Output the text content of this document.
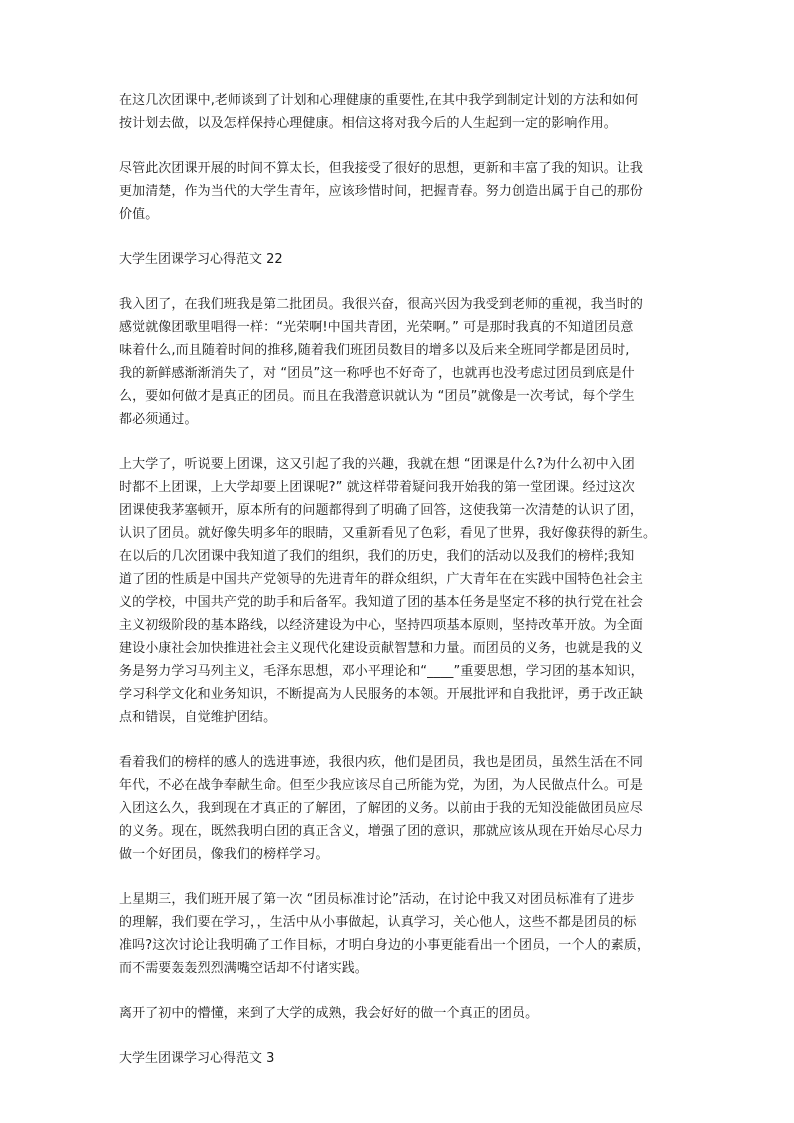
在这几次团课中,老师谈到了计划和心理健康的重要性,在其中我学到制定计划的方法和如何
按计划去做，以及怎样保持心理健康。相信这将对我今后的人生起到一定的影响作用。
尽管此次团课开展的时间不算太长，但我接受了很好的思想，更新和丰富了我的知识。让我
更加清楚，作为当代的大学生青年，应该珍惜时间，把握青春。努力创造出属于自己的那份
价值。
大学生团课学习心得范文 22
我入团了，在我们班我是第二批团员。我很兴奋，很高兴因为我受到老师的重视，我当时的
感觉就像团歌里唱得一样：“光荣啊!中国共青团，光荣啊。” 可是那时我真的不知道团员意
味着什么,而且随着时间的推移,随着我们班团员数目的增多以及后来全班同学都是团员时,
我的新鲜感渐渐消失了，对 “团员”这一称呼也不好奇了，也就再也没考虑过团员到底是什
么，要如何做才是真正的团员。而且在我潜意识就认为 “团员”就像是一次考试，每个学生
都必须通过。
上大学了，听说要上团课，这又引起了我的兴趣，我就在想 “团课是什么?为什么初中入团
时都不上团课，上大学却要上团课呢?” 就这样带着疑问我开始我的第一堂团课。经过这次
团课使我茅塞顿开，原本所有的问题都得到了明确了回答，这使我第一次清楚的认识了团，
认识了团员。就好像失明多年的眼睛，又重新看见了色彩，看见了世界，我好像获得的新生。
在以后的几次团课中我知道了我们的组织，我们的历史，我们的活动以及我们的榜样;我知
道了团的性质是中国共产党领导的先进青年的群众组织，广大青年在在实践中国特色社会主
义的学校，中国共产党的助手和后备军。我知道了团的基本任务是坚定不移的执行党在社会
主义初级阶段的基本路线，以经济建设为中心，坚持四项基本原则，坚持改革开放。为全面
建设小康社会加快推进社会主义现代化建设贡献智慧和力量。而团员的义务，也就是我的义
务是努力学习马列主义，毛泽东思想，邓小平理论和“____”重要思想，学习团的基本知识，
学习科学文化和业务知识，不断提高为人民服务的本领。开展批评和自我批评，勇于改正缺
点和错误，自觉维护团结。
看着我们的榜样的感人的选进事迹，我很内疚，他们是团员，我也是团员，虽然生活在不同
年代，不必在战争奉献生命。但至少我应该尽自己所能为党，为团，为人民做点什么。可是
入团这么久，我到现在才真正的了解团，了解团的义务。以前由于我的无知没能做团员应尽
的义务。现在，既然我明白团的真正含义，增强了团的意识，那就应该从现在开始尽心尽力
做一个好团员，像我们的榜样学习。
上星期三，我们班开展了第一次 “团员标准讨论”活动，在讨论中我又对团员标准有了进步
的理解，我们要在学习，，生活中从小事做起，认真学习，关心他人，这些不都是团员的标
准吗?这次讨论让我明确了工作目标，才明白身边的小事更能看出一个团员，一个人的素质，
而不需要轰轰烈烈满嘴空话却不付诸实践。
离开了初中的懵懂，来到了大学的成熟，我会好好的做一个真正的团员。
大学生团课学习心得范文 3
